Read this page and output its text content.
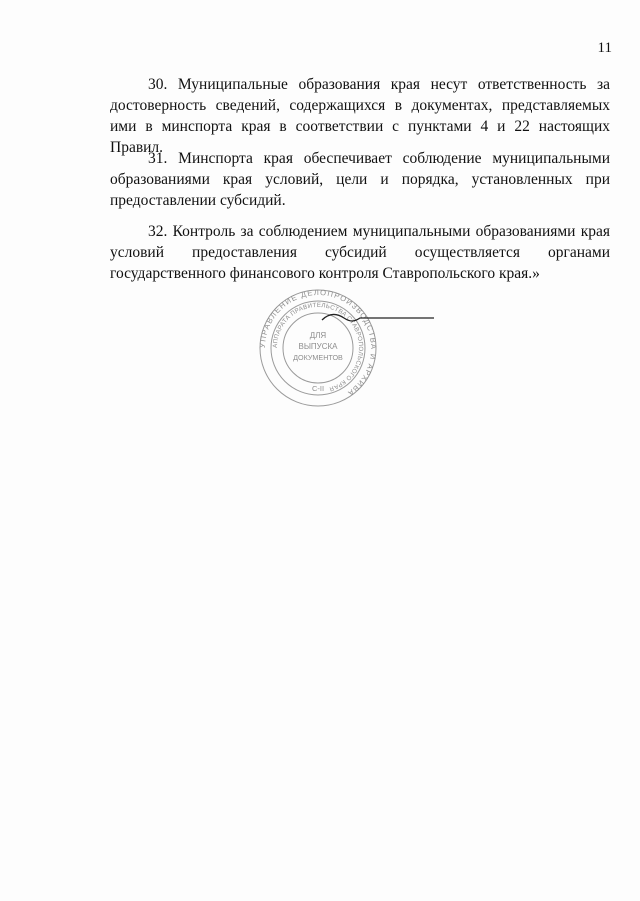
11

30. Муниципальные образования края несут ответственность за достоверность сведений, содержащихся в документах, представляемых ими в минспорта края в соответствии с пунктами 4 и 22 настоящих Правил.

31. Минспорта края обеспечивает соблюдение муниципальными образованиями края условий, цели и порядка, установленных при предоставлении субсидий.

32. Контроль за соблюдением муниципальными образованиями края условий предоставления субсидий осуществляется органами государственного финансового контроля Ставропольского края.»

УПРАВЛЕНИЕ ДЕЛОПРОИЗВОДСТВА И АРХИВА
АППАРАТА ПРАВИТЕЛЬСТВА СТАВРОПОЛЬСКОГО КРАЯ
ДЛЯ
ВЫПУСКА
ДОКУМЕНТОВ
С-II
